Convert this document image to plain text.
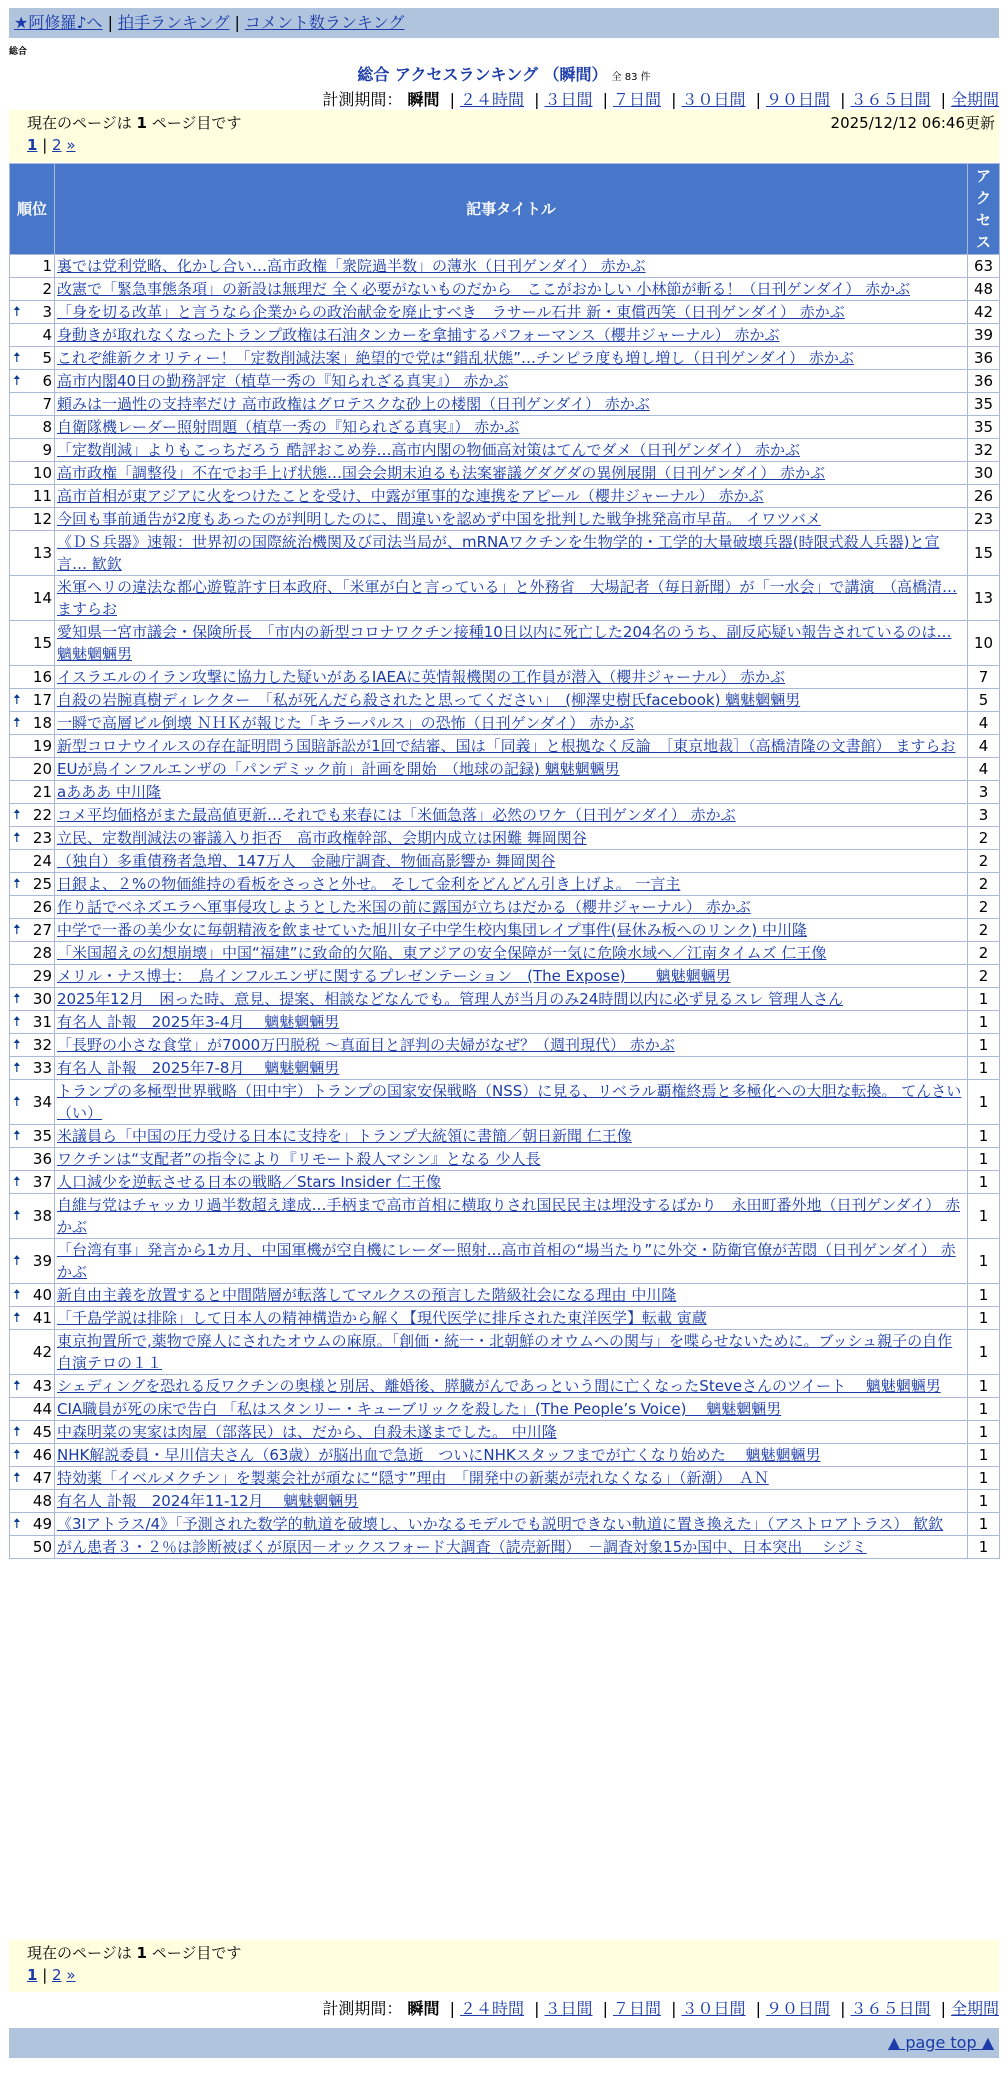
★阿修羅♪へ | 拍手ランキング | コメント数ランキング
総合
総合 アクセスランキング （瞬間） 全 83 件
計測期間： 瞬間 | ２４時間 | ３日間 | ７日間 | ３０日間 | ９０日間 | ３６５日間 | 全期間
現在のページは 1 ページ目です	2025/12/12 06:46更新
1 | 2 »
順位	記事タイトル	アクセス
1	裏では党利党略、化かし合い…高市政権「衆院過半数」の薄氷（日刊ゲンダイ） 赤かぶ	63
2	改憲で「緊急事態条項」の新設は無理だ 全く必要がないものだから　ここがおかしい 小林節が斬る！（日刊ゲンダイ） 赤かぶ	48

🠅 3	「身を切る改革」と言うなら企業からの政治献金を廃止すべき　ラサール石井 新・東償西笑（日刊ゲンダイ） 赤かぶ	42
4	身動きが取れなくなったトランプ政権は石油タンカーを拿捕するパフォーマンス（櫻井ジャーナル） 赤かぶ	39

🠅 5	これぞ維新クオリティー！「定数削減法案」絶望的で党は“錯乱状態”…チンピラ度も増し増し（日刊ゲンダイ） 赤かぶ	36

🠅 6	高市内閣40日の勤務評定（植草一秀の『知られざる真実』） 赤かぶ	36
7	頼みは一過性の支持率だけ 高市政権はグロテスクな砂上の楼閣（日刊ゲンダイ） 赤かぶ	35
8	自衛隊機レーダー照射問題（植草一秀の『知られざる真実』） 赤かぶ	35
9	「定数削減」よりもこっちだろう 酷評おこめ券…高市内閣の物価高対策はてんでダメ（日刊ゲンダイ） 赤かぶ	32
10	高市政権「調整役」不在でお手上げ状態…国会会期末迫るも法案審議グダグダの異例展開（日刊ゲンダイ） 赤かぶ	30
11	高市首相が東アジアに火をつけたことを受け、中露が軍事的な連携をアピール（櫻井ジャーナル） 赤かぶ	26
12	今回も事前通告が2度もあったのが判明したのに、間違いを認めず中国を批判した戦争挑発高市早苗。 イワツバメ	23
13	《ＤＳ兵器》速報：世界初の国際統治機関及び司法当局が、mRNAワクチンを生物学的・工学的大量破壊兵器(時限式殺人兵器)と宣言… 歓欽	15
14	米軍ヘリの違法な都心遊覧許す日本政府、「米軍が白と言っている」と外務省　大場記者（毎日新聞）が「一水会」で講演　（高橋清… ますらお	13
15	愛知県一宮市議会・保険所長　「市内の新型コロナワクチン接種10日以内に死亡した204名のうち、副反応疑い報告されているのは… 魑魅魍魎男	10
16	イスラエルのイラン攻撃に協力した疑いがあるIAEAに英情報機関の工作員が潜入（櫻井ジャーナル） 赤かぶ	7

🠅 17	自殺の岩腕真樹ディレクター　「私が死んだら殺されたと思ってください」　(柳澤史樹氏facebook) 魑魅魍魎男	5

🠅 18	一瞬で高層ビル倒壊 ＮＨＫが報じた「キラーパルス」の恐怖（日刊ゲンダイ） 赤かぶ	4
19	新型コロナウイルスの存在証明問う国賠訴訟が1回で結審、国は「同義」と根拠なく反論　［東京地裁］（高橋清隆の文書館） ますらお	4
20	EUが鳥インフルエンザの「パンデミック前」計画を開始　（地球の記録) 魑魅魍魎男	4
21	aあああ 中川隆	3

🠅 22	コメ平均価格がまた最高値更新…それでも来春には「米価急落」必然のワケ（日刊ゲンダイ） 赤かぶ	3

🠅 23	立民、定数削減法の審議入り拒否　高市政権幹部、会期内成立は困難 舞岡関谷	2
24	（独自）多重債務者急増、147万人　金融庁調査、物価高影響か 舞岡関谷	2

🠅 25	日銀よ、２%の物価維持の看板をさっさと外せ。 そして金利をどんどん引き上げよ。 一言主	2
26	作り話でベネズエラへ軍事侵攻しようとした米国の前に露国が立ちはだかる（櫻井ジャーナル） 赤かぶ	2

🠅 27	中学で一番の美少女に毎朝精液を飲ませていた旭川女子中学生校内集団レイプ事件(昼休み板へのリンク) 中川隆	2
28	「米国超えの幻想崩壊」中国“福建”に致命的欠陥、東アジアの安全保障が一気に危険水域へ／江南タイムズ 仁王像	2
29	メリル・ナス博士：　鳥インフルエンザに関するプレゼンテーション　(The Expose)　　魑魅魍魎男	2

🠅 30	2025年12月　困った時、意見、提案、相談などなんでも。管理人が当月のみ24時間以内に必ず見るスレ 管理人さん	1

🠅 31	有名人 訃報　2025年3-4月　 魑魅魍魎男	1

🠅 32	「長野の小さな食堂」が7000万円脱税 ～真面目と評判の夫婦がなぜ？（週刊現代） 赤かぶ	1

🠅 33	有名人 訃報　2025年7-8月　 魑魅魍魎男	1

🠅 34	トランプの多極型世界戦略（田中宇）トランプの国家安保戦略（NSS）に見る、リベラル覇権終焉と多極化への大胆な転換。 てんさい（い）	1

🠅 35	米議員ら「中国の圧力受ける日本に支持を」トランプ大統領に書簡／朝日新聞 仁王像	1
36	ワクチンは“支配者”の指令により『リモート殺人マシン』となる 少人長	1

🠅 37	人口減少を逆転させる日本の戦略／Stars Insider 仁王像	1

🠅 38	自維与党はチャッカリ過半数超え達成…手柄まで高市首相に横取りされ国民民主は埋没するばかり　永田町番外地（日刊ゲンダイ） 赤かぶ	1

🠅 39	「台湾有事」発言から1カ月、中国軍機が空自機にレーダー照射…高市首相の“場当たり”に外交・防衛官僚が苦悶（日刊ゲンダイ） 赤かぶ	1

🠅 40	新自由主義を放置すると中間階層が転落してマルクスの預言した階級社会になる理由 中川隆	1

🠅 41	「千島学説は排除」して日本人の精神構造から解く【現代医学に排斥された東洋医学】転載 寅蔵	1
42	東京拘置所で,薬物で廃人にされたオウムの麻原。「創価・統一・北朝鮮のオウムへの関与」を喋らせないために。ブッシュ親子の自作自演テロの１１	1

🠅 43	シェディングを恐れる反ワクチンの奥様と別居、離婚後、膵臓がんであっという間に亡くなったSteveさんのツイート　 魑魅魍魎男	1
44	CIA職員が死の床で告白 「私はスタンリー・キューブリックを殺した」(The People’s Voice)　 魑魅魍魎男	1

🠅 45	中森明菜の実家は肉屋（部落民）は、だから、自殺未遂までした。 中川隆	1

🠅 46	NHK解説委員・早川信夫さん（63歳）が脳出血で急逝　ついにNHKスタッフまでが亡くなり始めた　 魑魅魍魎男	1

🠅 47	特効薬「イベルメクチン」を製薬会社が頑なに“隠す”理由　「開発中の新薬が売れなくなる」（新潮）　ＡＮ	1
48	有名人 訃報　2024年11-12月　 魑魅魍魎男	1

🠅 49	《3Iアトラス/4》「予測された数学的軌道を破壊し、いかなるモデルでも説明できない軌道に置き換えた」（アストロアトラス） 歓欽	1
50	がん患者３・２％は診断被ばくが原因－オックスフォード大調査（読売新聞）　－調査対象15か国中、日本突出　 シジミ	1
現在のページは 1 ページ目です
1 | 2 »
計測期間： 瞬間 | ２４時間 | ３日間 | ７日間 | ３０日間 | ９０日間 | ３６５日間 | 全期間
▲ page top ▲
